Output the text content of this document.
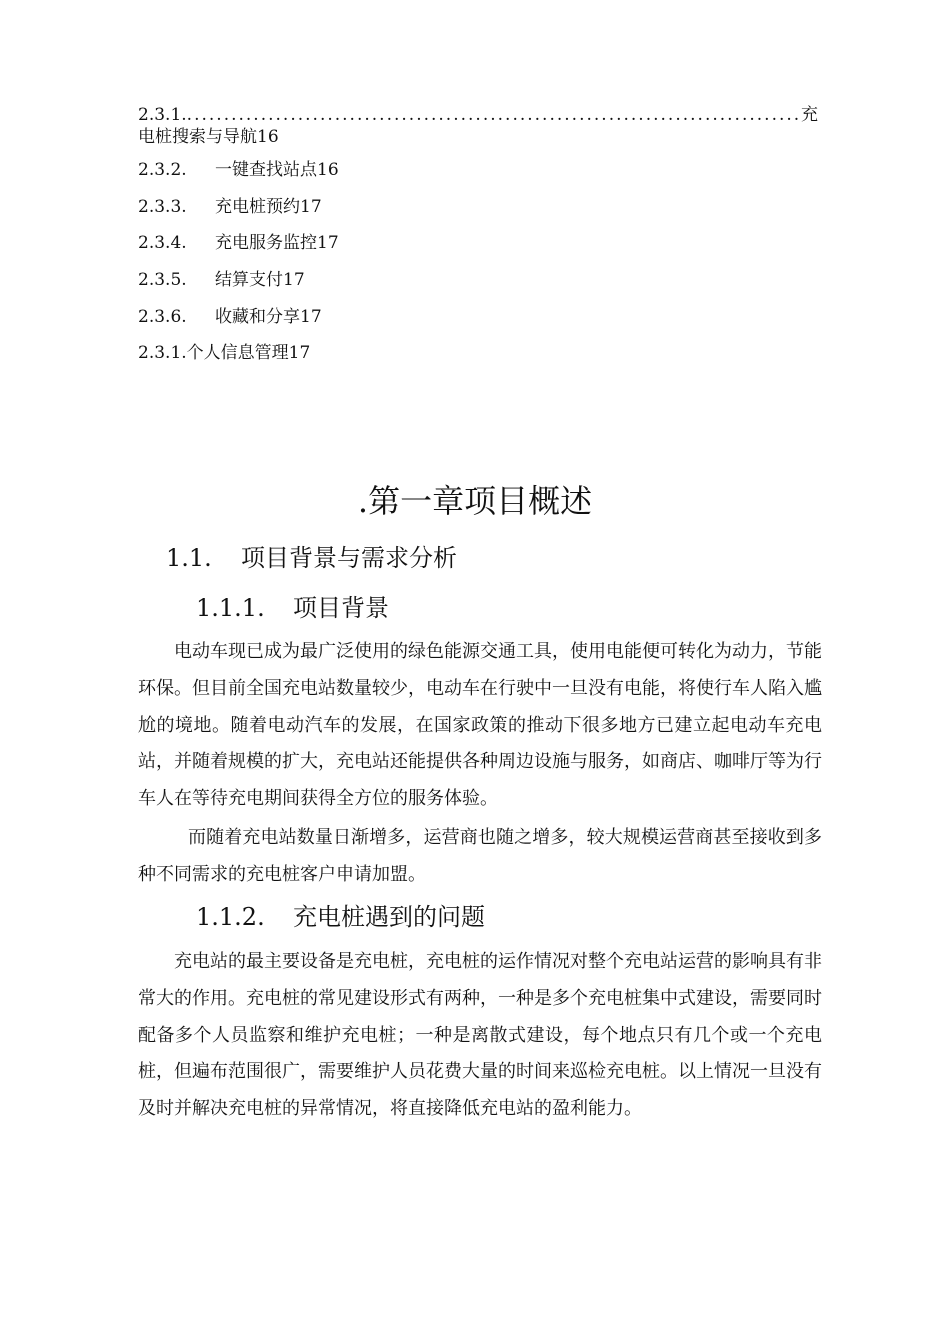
2.3.1.
.....	充
电桩搜索与导航16
2.3.2. 一键查找站点16
2.3.3. 充电桩预约17
2.3.4. 充电服务监控17
2.3.5. 结算支付17
2.3.6. 收藏和分享17
2.3.1.个人信息管理17
.第一章项目概述
1.1. 项目背景与需求分析
1.1.1. 项目背景
电动车现已成为最广泛使用的绿色能源交通工具，使用电能便可转化为动力，节能环保。但目前全国充电站数量较少，电动车在行驶中一旦没有电能，将使行车人陷入尴尬的境地。随着电动汽车的发展，在国家政策的推动下很多地方已建立起电动车充电站，并随着规模的扩大，充电站还能提供各种周边设施与服务，如商店、咖啡厅等为行车人在等待充电期间获得全方位的服务体验。
而随着充电站数量日渐增多，运营商也随之增多，较大规模运营商甚至接收到多种不同需求的充电桩客户申请加盟。
1.1.2. 充电桩遇到的问题
充电站的最主要设备是充电桩，充电桩的运作情况对整个充电站运营的影响具有非常大的作用。充电桩的常见建设形式有两种，一种是多个充电桩集中式建设，需要同时配备多个人员监察和维护充电桩；一种是离散式建设，每个地点只有几个或一个充电桩，但遍布范围很广，需要维护人员花费大量的时间来巡检充电桩。以上情况一旦没有及时并解决充电桩的异常情况，将直接降低充电站的盈利能力。
